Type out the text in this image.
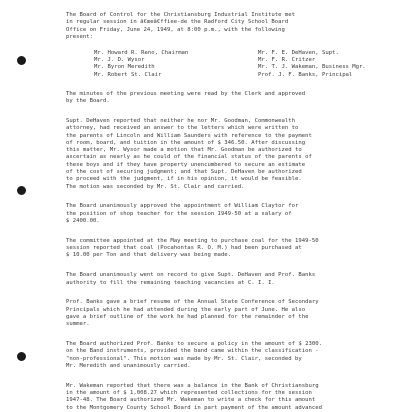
The Board of Control for the Christiansburg Industrial Institute met
in regular session in â€œeâ€ffiee-de the Radford City School Board
Office on Friday, June 24, 1949, at 8:00 p.m., with the following
present:

Mr. Howard R. Reno, Chairman	Mr. F. E. DeHaven, Supt.
Mr. J. D. Wysor	Mr. F. R. Critzer
Mr. Byron Meredith	Mr. T. J. Wakeman, Business Mgr.
Mr. Robert St. Clair	Prof. J. F. Banks, Principal

The minutes of the previous meeting were read by the Clerk and approved
by the Board.

Supt. DeHaven reported that neither he nor Mr. Goodman, Commonwealth
attorney, had received an answer to the letters which were written to
the parents of Lincoln and William Saunders with reference to the payment
of room, board, and tuition in the amount of $ 346.50. After discussing
this matter, Mr. Wysor made a motion that Mr. Goodman be authorized to
ascertain as nearly as he could of the financial status of the parents of
these boys and if they have property unencumbered to secure an estimate
of the cost of securing judgment; and that Supt. DeHaven be authorized
to proceed with the judgment, if in his opinion, it would be feasible.
The motion was seconded by Mr. St. Clair and carried.

The Board unanimously approved the appointment of William Claytor for
the position of shop teacher for the session 1949-50 at a salary of
$ 2400.00.

The committee appointed at the May meeting to purchase coal for the 1949-50
session reported that coal (Pocahontas R. O. M.) had been purchased at
$ 10.00 per Ton and that delivery was being made.

The Board unanimously went on record to give Supt. DeHaven and Prof. Banks
authority to fill the remaining teaching vacancies at C. I. I.

Prof. Banks gave a brief resume of the Annual State Conference of Secondary
Principals which he had attended during the early part of June. He also
gave a brief outline of the work he had planned for the remainder of the
summer.

The Board authorized Prof. Banks to secure a policy in the amount of $ 2300.
on the Band instruments, provided the band came within the classification -
"non-professional". This motion was made by Mr. St. Clair, seconded by
Mr. Meredith and unanimously carried.

Mr. Wakeman reported that there was a balance in the Bank of Christiansburg
in the amount of $ 1,008.27 which represented collections for the session
1947-48. The Board authorized Mr. Wakeman to write a check for this amount
to the Montgomery County School Board in part payment of the amount advanced
